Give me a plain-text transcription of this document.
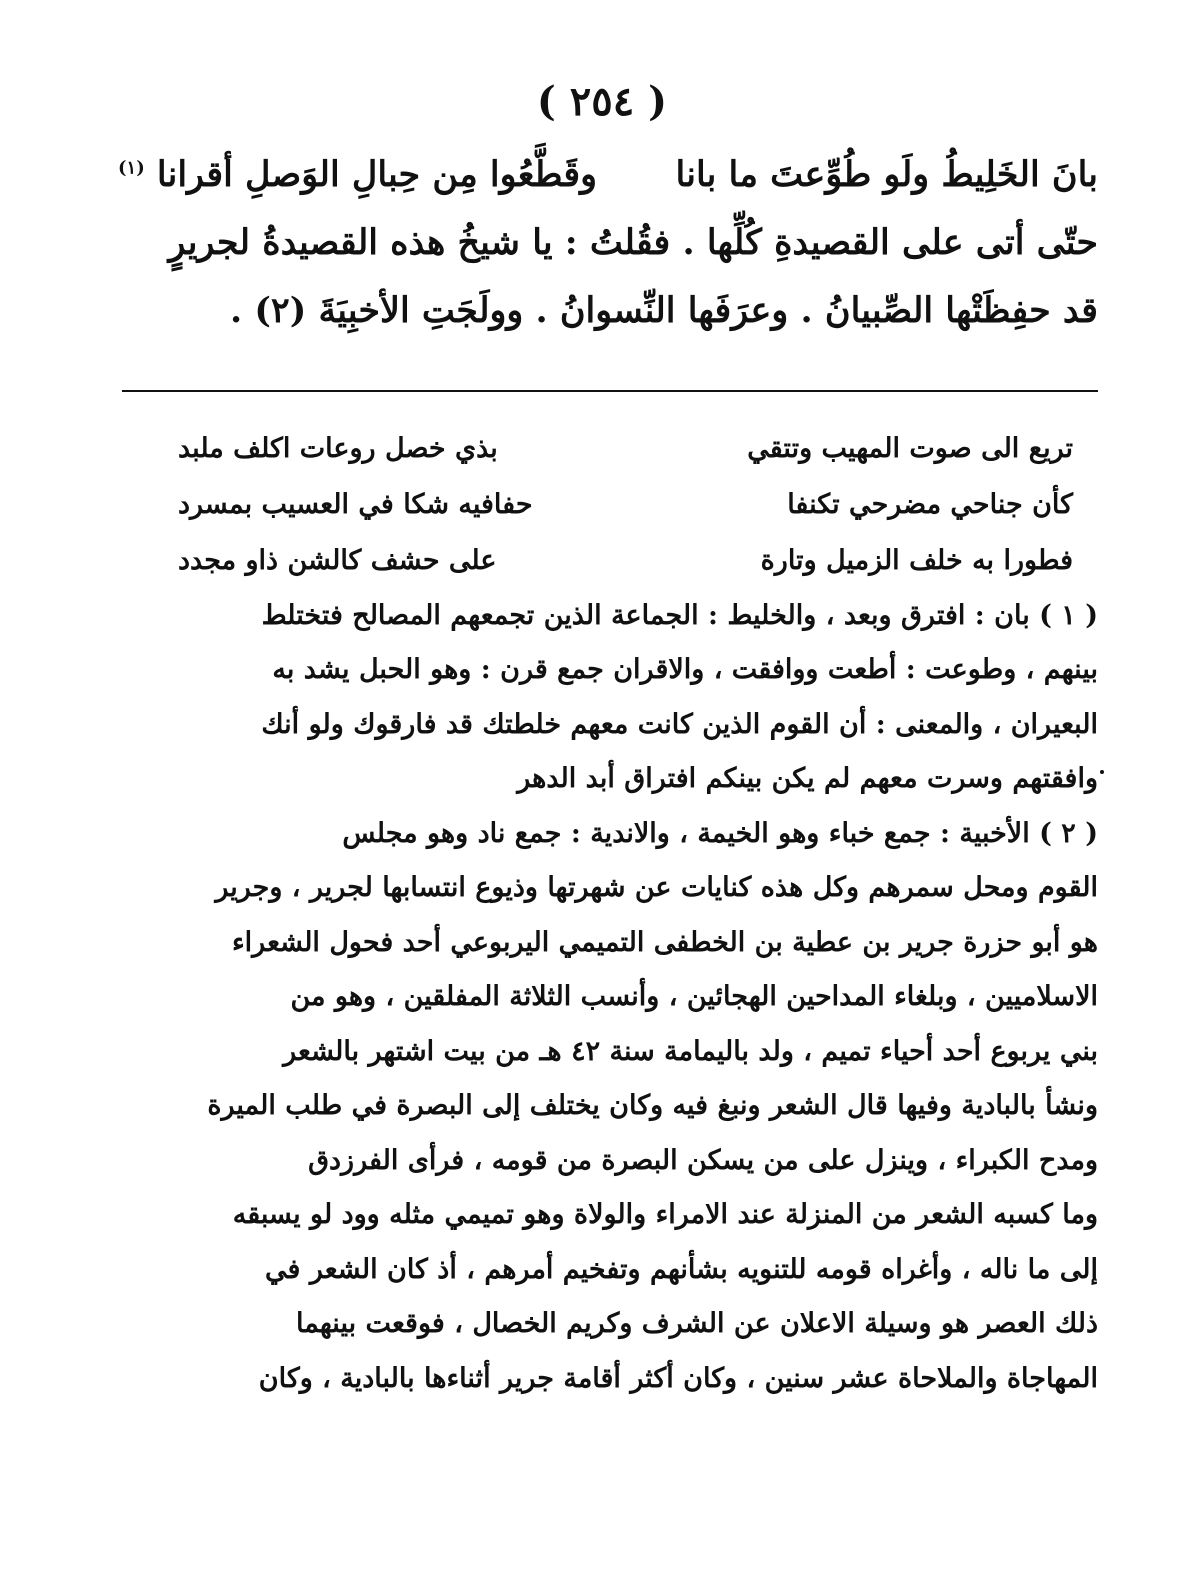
( ٢٥٤ )
بانَ الخَلِيطُ ولَو طُوِّعتَ ما بانا
وقَطَّعُوا مِن حِبالِ الوَصلِ أقرانا $^{(١)}$
حتّى أتى على القصيدةِ كُلِّها . فقُلتُ : يا شيخُ هذه القصيدةُ لجريرٍ
قد حفِظَتْها الصِّبيانُ . وعرَفَها النِّسوانُ . وولَجَتِ الأخبِيَةَ (٢) .
تريع الى صوت المهيب وتتقي
بذي خصل روعات اكلف ملبد
كأن جناحي مضرحي تكنفا
حفافيه شكا في العسيب بمسرد
فطورا به خلف الزميل وتارة
على حشف كالشن ذاو مجدد
( ١ ) بان : افترق وبعد ، والخليط : الجماعة الذين تجمعهم المصالح فتختلط
بينهم ، وطوعت : أطعت ووافقت ، والاقران جمع قرن : وهو الحبل يشد به
البعيران ، والمعنى : أن القوم الذين كانت معهم خلطتك قد فارقوك ولو أنك
وافقتهم وسرت معهم لم يكن بينكم افتراق أبد الدهر
( ٢ ) الأخبية : جمع خباء وهو الخيمة ، والاندية : جمع ناد وهو مجلس
القوم ومحل سمرهم وكل هذه كنايات عن شهرتها وذيوع انتسابها لجرير ، وجرير
هو أبو حزرة جرير بن عطية بن الخطفى التميمي اليربوعي أحد فحول الشعراء
الاسلاميين ، وبلغاء المداحين الهجائين ، وأنسب الثلاثة المفلقين ، وهو من
بني يربوع أحد أحياء تميم ، ولد باليمامة سنة ٤٢ هـ من بيت اشتهر بالشعر
ونشأ بالبادية وفيها قال الشعر ونبغ فيه وكان يختلف إلى البصرة في طلب الميرة
ومدح الكبراء ، وينزل على من يسكن البصرة من قومه ، فرأى الفرزدق
وما كسبه الشعر من المنزلة عند الامراء والولاة وهو تميمي مثله وود لو يسبقه
إلى ما ناله ، وأغراه قومه للتنويه بشأنهم وتفخيم أمرهم ، أذ كان الشعر في
ذلك العصر هو وسيلة الاعلان عن الشرف وكريم الخصال ، فوقعت بينهما
المهاجاة والملاحاة عشر سنين ، وكان أكثر أقامة جرير أثناءها بالبادية ، وكان
